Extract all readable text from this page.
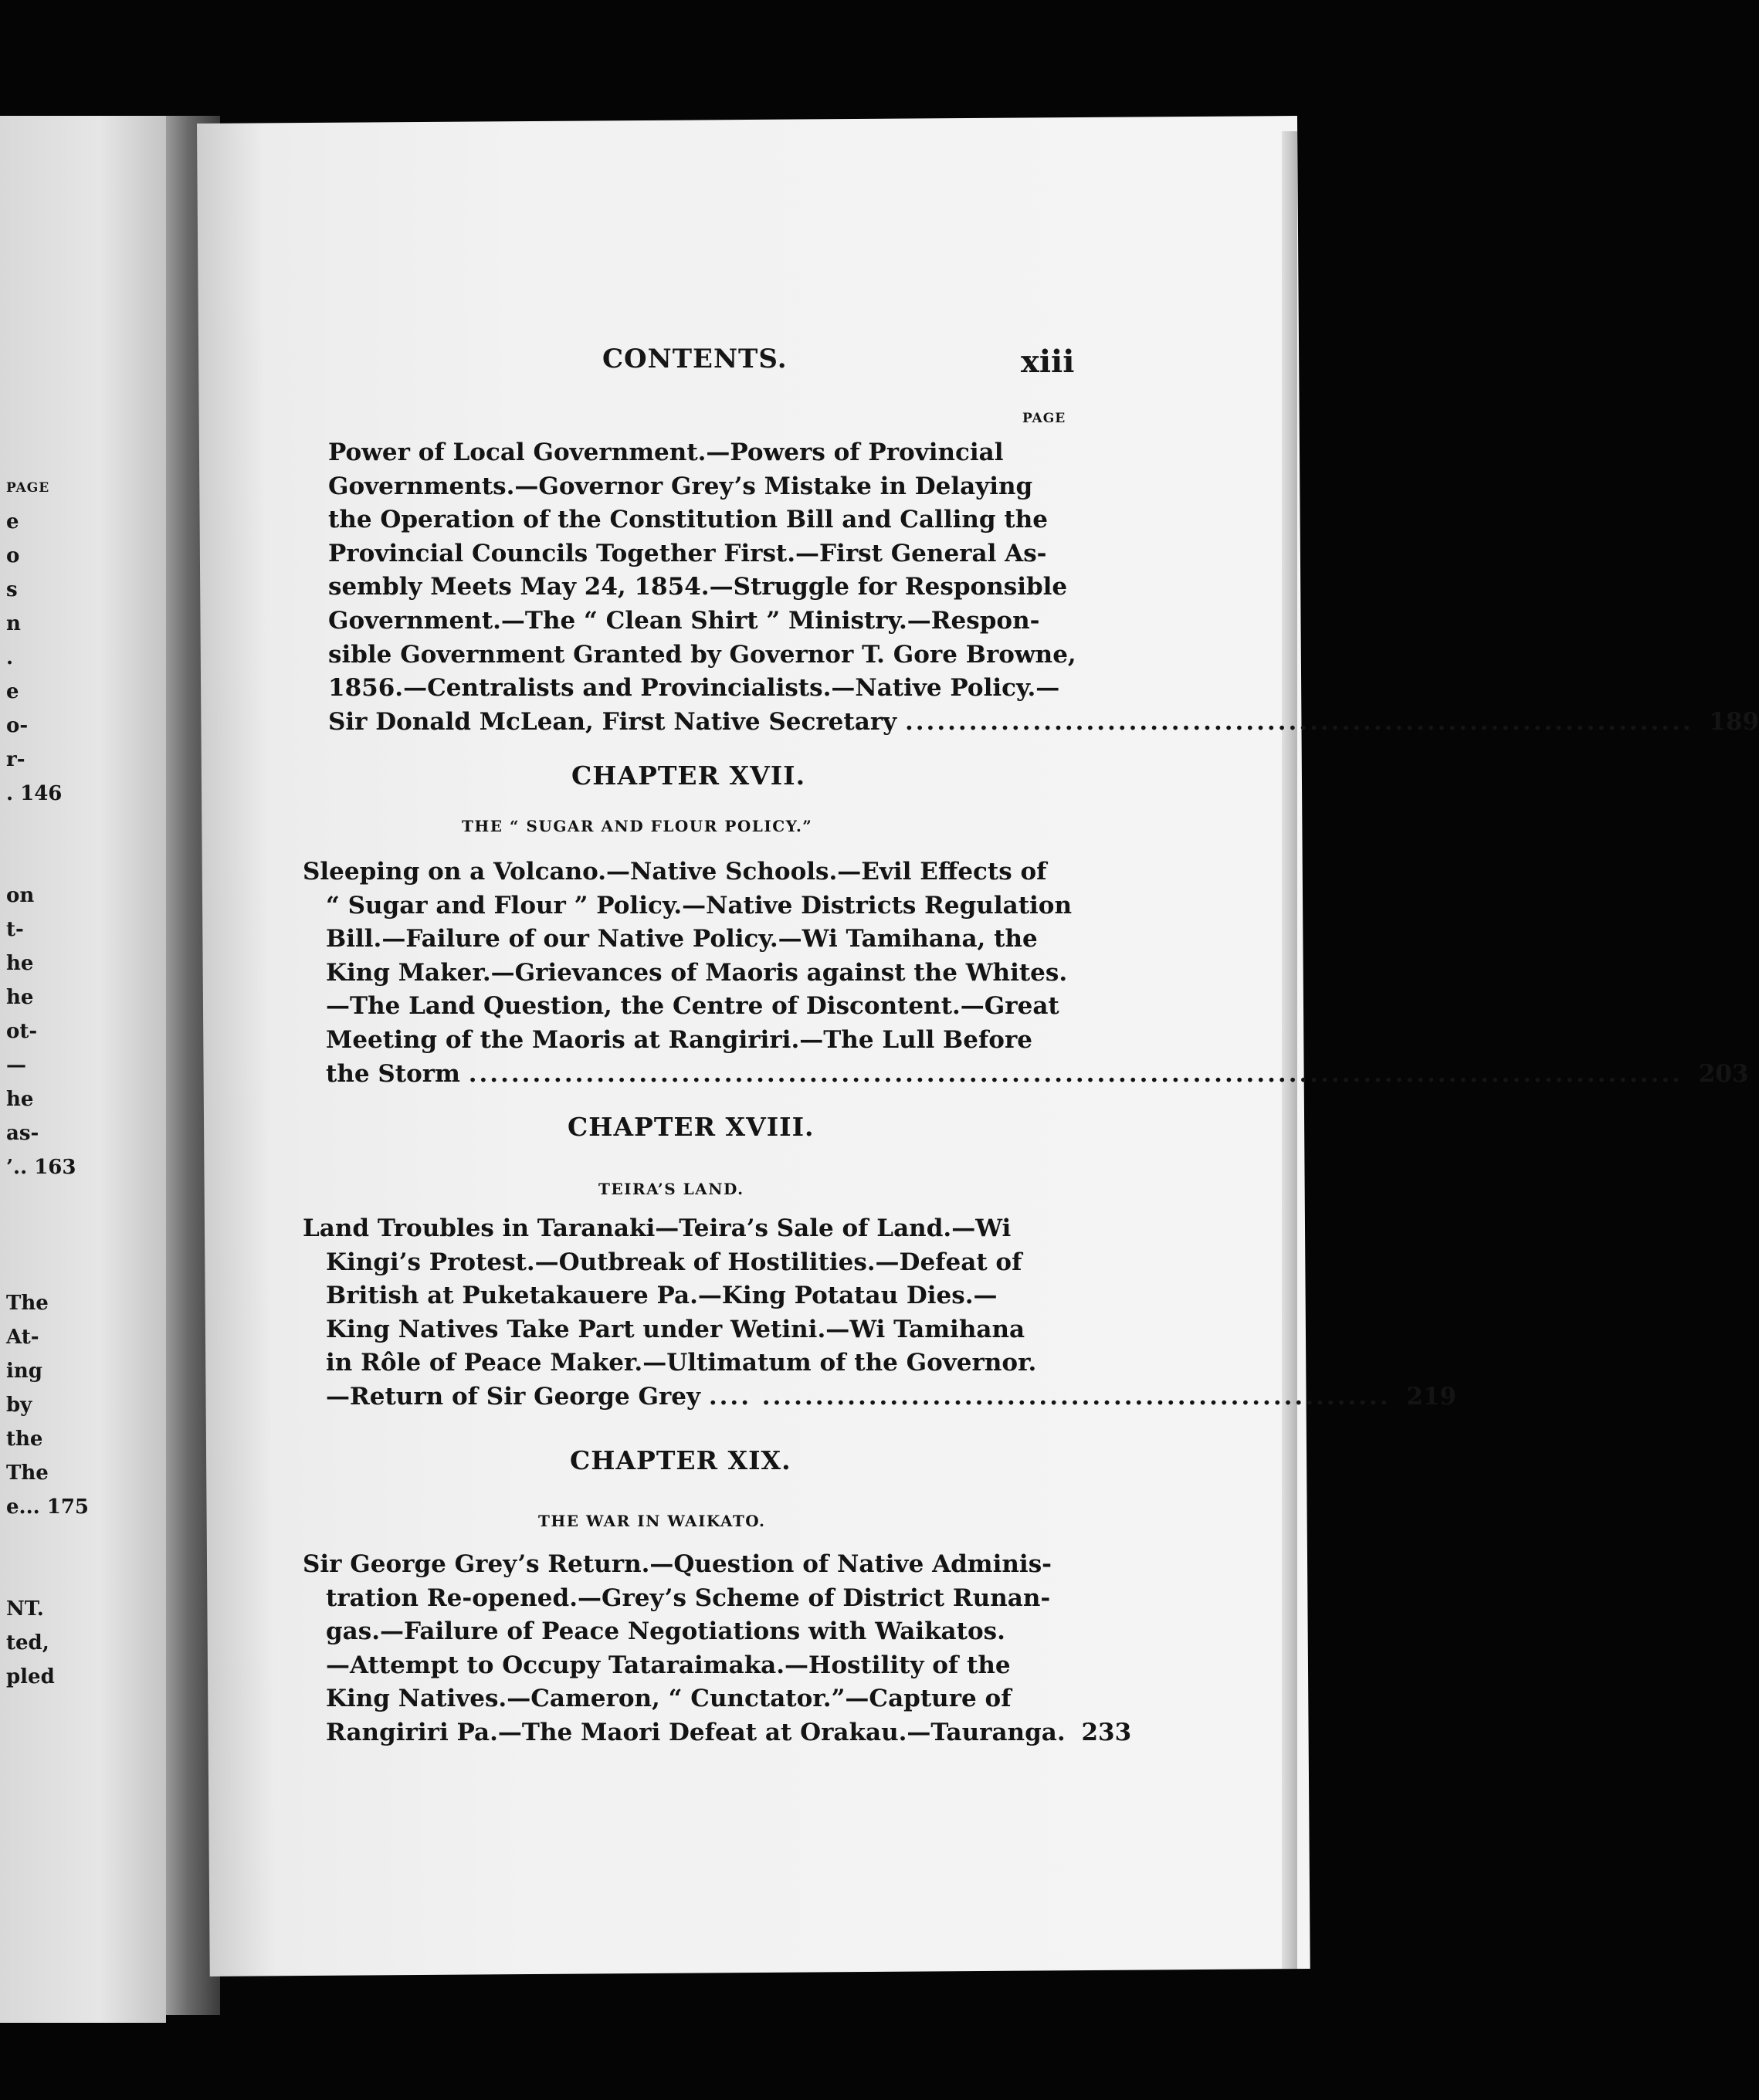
PAGE
e
o
s
n
.
e
o-
r-
. 146

on
t-
he
he
ot-
—
he
as-
’.. 163

The
At-
ing
by
the
The
e... 175

NT.
ted,
pled
CONTENTS.	xiii
PAGE
Power of Local Government.—Powers of Provincial
Governments.—Governor Grey’s Mistake in Delaying
the Operation of the Constitution Bill and Calling the
Provincial Councils Together First.—First General As-
sembly Meets May 24, 1854.—Struggle for Responsible
Government.—The “ Clean Shirt ” Ministry.—Respon-
sible Government Granted by Governor T. Gore Browne,
1856.—Centralists and Provincialists.—Native Policy.—
Sir Donald McLean, First Native Secretary .......................................................................... 189
CHAPTER XVII.
THE “ SUGAR AND FLOUR POLICY.”
Sleeping on a Volcano.—Native Schools.—Evil Effects of
“ Sugar and Flour ” Policy.—Native Districts Regulation
Bill.—Failure of our Native Policy.—Wi Tamihana, the
King Maker.—Grievances of Maoris against the Whites.
—The Land Question, the Centre of Discontent.—Great
Meeting of the Maoris at Rangiriri.—The Lull Before
the Storm .................................................................................................................. 203
CHAPTER XVIII.
TEIRA’S LAND.
Land Troubles in Taranaki—Teira’s Sale of Land.—Wi
Kingi’s Protest.—Outbreak of Hostilities.—Defeat of
British at Puketakauere Pa.—King Potatau Dies.—
King Natives Take Part under Wetini.—Wi Tamihana
in Rôle of Peace Maker.—Ultimatum of the Governor.
—Return of Sir George Grey .... ........................................................... 219
CHAPTER XIX.
THE WAR IN WAIKATO.
Sir George Grey’s Return.—Question of Native Adminis-
tration Re-opened.—Grey’s Scheme of District Runan-
gas.—Failure of Peace Negotiations with Waikatos.
—Attempt to Occupy Tataraimaka.—Hostility of the
King Natives.—Cameron, “ Cunctator.”—Capture of
Rangiriri Pa.—The Maori Defeat at Orakau.—Tauranga. 233
